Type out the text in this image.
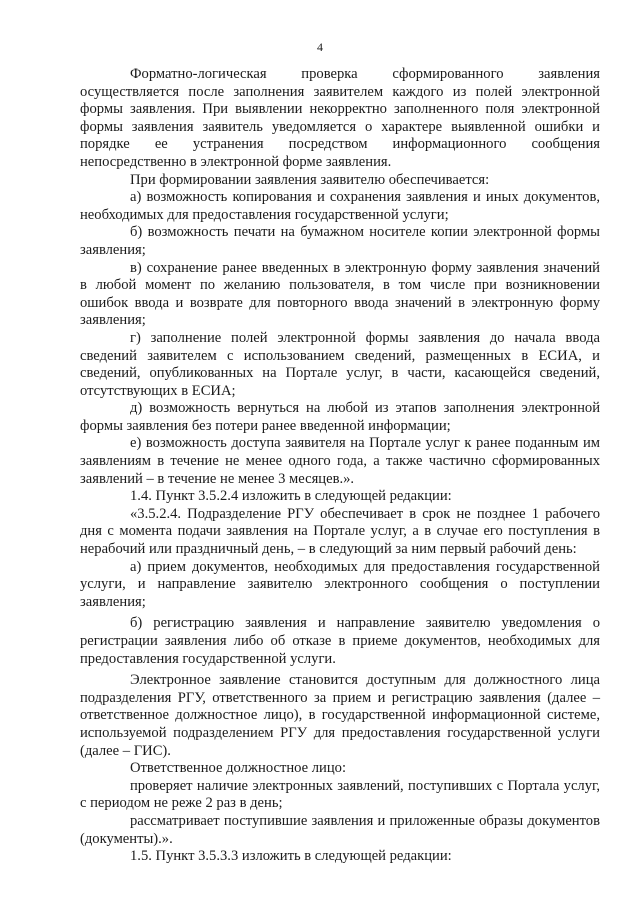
4

Форматно-логическая проверка сформированного заявления осуществляется после заполнения заявителем каждого из полей электронной формы заявления. При выявлении некорректно заполненного поля электронной формы заявления заявитель уведомляется о характере выявленной ошибки и порядке ее устранения посредством информационного сообщения непосредственно в электронной форме заявления.

При формировании заявления заявителю обеспечивается:

а) возможность копирования и сохранения заявления и иных документов, необходимых для предоставления государственной услуги;

б) возможность печати на бумажном носителе копии электронной формы заявления;

в) сохранение ранее введенных в электронную форму заявления значений в любой момент по желанию пользователя, в том числе при возникновении ошибок ввода и возврате для повторного ввода значений в электронную форму заявления;

г) заполнение полей электронной формы заявления до начала ввода сведений заявителем с использованием сведений, размещенных в ЕСИА, и сведений, опубликованных на Портале услуг, в части, касающейся сведений, отсутствующих в ЕСИА;

д) возможность вернуться на любой из этапов заполнения электронной формы заявления без потери ранее введенной информации;

е) возможность доступа заявителя на Портале услуг к ранее поданным им заявлениям в течение не менее одного года, а также частично сформированных заявлений – в течение не менее 3 месяцев.».

1.4. Пункт 3.5.2.4 изложить в следующей редакции:

«3.5.2.4. Подразделение РГУ обеспечивает в срок не позднее 1 рабочего дня с момента подачи заявления на Портале услуг, а в случае его поступления в нерабочий или праздничный день, – в следующий за ним первый рабочий день:

а) прием документов, необходимых для предоставления государственной услуги, и направление заявителю электронного сообщения о поступлении заявления;

б) регистрацию заявления и направление заявителю уведомления о регистрации заявления либо об отказе в приеме документов, необходимых для предоставления государственной услуги.

Электронное заявление становится доступным для должностного лица подразделения РГУ, ответственного за прием и регистрацию заявления (далее – ответственное должностное лицо), в государственной информационной системе, используемой подразделением РГУ для предоставления государственной услуги (далее – ГИС).

Ответственное должностное лицо:

проверяет наличие электронных заявлений, поступивших с Портала услуг, с периодом не реже 2 раз в день;

рассматривает поступившие заявления и приложенные образы документов (документы).».

1.5. Пункт 3.5.3.3 изложить в следующей редакции:
